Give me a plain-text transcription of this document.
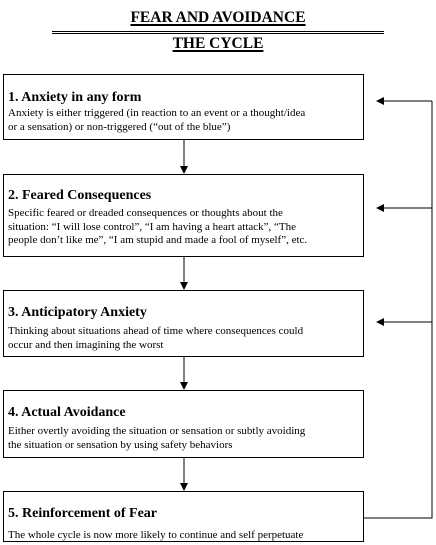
FEAR AND AVOIDANCE
THE CYCLE
1. Anxiety in any form
Anxiety is either triggered (in reaction to an event or a thought/idea
or a sensation) or non-triggered (“out of the blue”)
2. Feared Consequences
Specific feared or dreaded consequences or thoughts about the
situation: “I will lose control”, “I am having a heart attack”, “The
people don’t like me”, “I am stupid and made a fool of myself”, etc.
3. Anticipatory Anxiety
Thinking about situations ahead of time where consequences could
occur and then imagining the worst
4. Actual Avoidance
Either overtly avoiding the situation or sensation or subtly avoiding
the situation or sensation by using safety behaviors
5. Reinforcement of Fear
The whole cycle is now more likely to continue and self perpetuate
